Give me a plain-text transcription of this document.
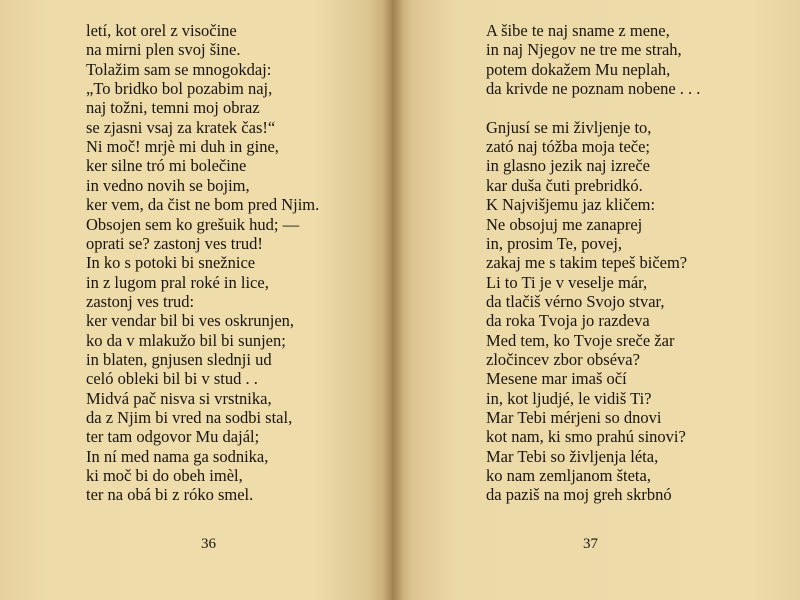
letí, kot orel z visočine
na mirni plen svoj šine.
Tolažim sam se mnogokdaj:
„To bridko bol pozabim naj,
naj tožni, temni moj obraz
se zjasni vsaj za kratek čas!“
Ni moč! mrjè mi duh in gine,
ker silne tró mi bolečine
in vedno novih se bojim,
ker vem, da čist ne bom pred Njim.
Obsojen sem ko grešuik hud; —
oprati se? zastonj ves trud!
In ko s potoki bi snežnice
in z lugom pral roké in lice,
zastonj ves trud:
ker vendar bil bi ves oskrunjen,
ko da v mlakužo bil bi sunjen;
in blaten, gnjusen slednji ud
celó obleki bil bi v stud . .
Midvá pač nisva si vrstnika,
da z Njim bi vred na sodbi stal,
ter tam odgovor Mu dajál;
In ní med nama ga sodnika,
ki moč bi do obeh imèl,
ter na obá bi z róko smel.
36
A šibe te naj sname z mene,
in naj Njegov ne tre me strah,
potem dokažem Mu neplah,
da krivde ne poznam nobene . . .
Gnjusí se mi življenje to,
zató naj tóžba moja teče;
in glasno jezik naj izreče
kar duša čuti prebridkó.
K Najvišjemu jaz kličem:
Ne obsojuj me zanaprej
in, prosim Te, povej,
zakaj me s takim tepeš bičem?
Li to Ti je v veselje már,
da tlačiš vérno Svojo stvar,
da roka Tvoja jo razdeva
Med tem, ko Tvoje sreče žar
zločincev zbor obséva?
Mesene mar imaš očí
in, kot ljudjé, le vidiš Ti?
Mar Tebi mérjeni so dnovi
kot nam, ki smo prahú sinovi?
Mar Tebi so življenja léta,
ko nam zemljanom šteta,
da paziš na moj greh skrbnó
37
